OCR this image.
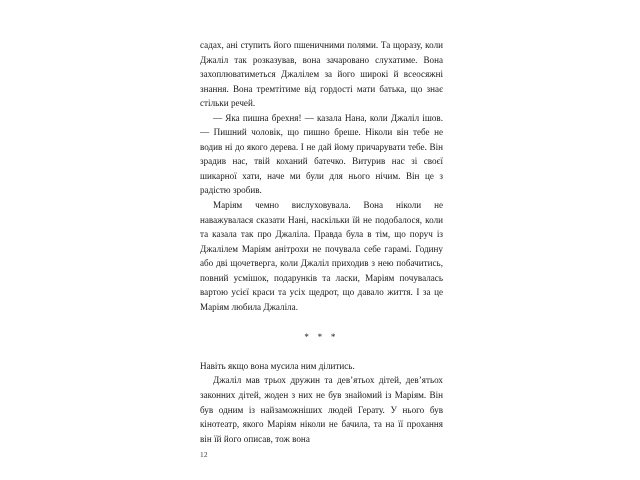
садах, ані ступить його пшеничними полями. Та щоразу, коли Джаліл так розказував, вона зачаровано слухатиме. Вона захоплюватиметься Джалілем за його широкі й всеосяжні знання. Вона тремтітиме від гордості мати батька, що знає стільки речей.

— Яка пишна брехня! — казала Нана, коли Джаліл ішов. — Пишний чоловік, що пишно бреше. Ніколи він тебе не водив ні до якого дерева. І не дай йому причарувати тебе. Він зрадив нас, твій коханий батечко. Витурив нас зі своєї шикарної хати, наче ми були для нього нічим. Він це з радістю зробив.

Маріям чемно вислуховувала. Вона ніколи не наважувалася сказати Нані, наскільки їй не подобалося, коли та казала так про Джаліла. Правда була в тім, що поруч із Джалілем Маріям анітрохи не почувала себе гарамі. Годину або дві щочетверга, коли Джаліл приходив з нею побачитись, повний усмішок, подарунків та ласки, Маріям почувалась вартою усієї краси та усіх щедрот, що давало життя. І за це Маріям любила Джаліла.

* * *

Навіть якщо вона мусила ним ділитись.

Джаліл мав трьох дружин та дев’ятьох дітей, дев’ятьох законних дітей, жоден з них не був знайомий із Маріям. Він був одним із найзаможніших людей Герату. У нього був кінотеатр, якого Маріям ніколи не бачила, та на її прохання він їй його описав, тож вона

12
